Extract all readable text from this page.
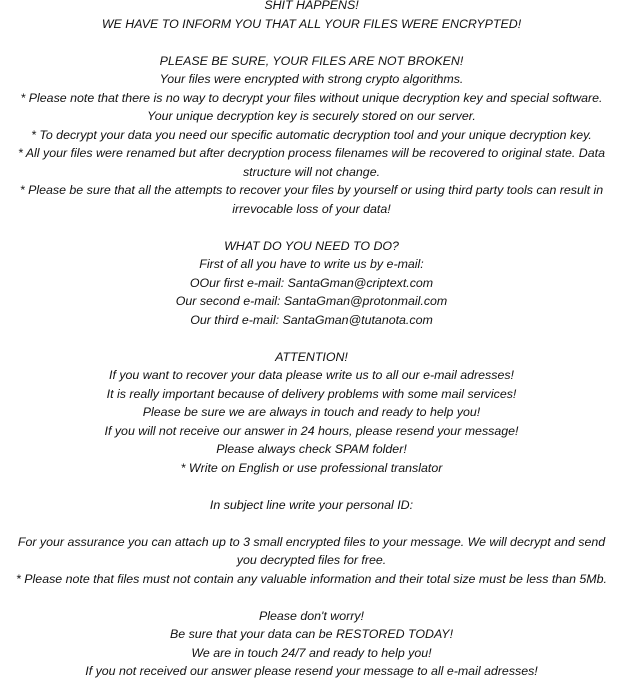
SHIT HAPPENS!
WE HAVE TO INFORM YOU THAT ALL YOUR FILES WERE ENCRYPTED!
PLEASE BE SURE, YOUR FILES ARE NOT BROKEN!
Your files were encrypted with strong crypto algorithms.
* Please note that there is no way to decrypt your files without unique decryption key and special software. Your unique decryption key is securely stored on our server.
* To decrypt your data you need our specific automatic decryption tool and your unique decryption key.
* All your files were renamed but after decryption process filenames will be recovered to original state. Data structure will not change.
* Please be sure that all the attempts to recover your files by yourself or using third party tools can result in irrevocable loss of your data!
WHAT DO YOU NEED TO DO?
First of all you have to write us by e-mail:
OOur first e-mail: SantaGman@criptext.com
Our second e-mail: SantaGman@protonmail.com
Our third e-mail: SantaGman@tutanota.com
ATTENTION!
If you want to recover your data please write us to all our e-mail adresses!
It is really important because of delivery problems with some mail services!
Please be sure we are always in touch and ready to help you!
If you will not receive our answer in 24 hours, please resend your message!
Please always check SPAM folder!
* Write on English or use professional translator
In subject line write your personal ID:
For your assurance you can attach up to 3 small encrypted files to your message. We will decrypt and send you decrypted files for free.
* Please note that files must not contain any valuable information and their total size must be less than 5Mb.
Please don't worry!
Be sure that your data can be RESTORED TODAY!
We are in touch 24/7 and ready to help you!
If you not received our answer please resend your message to all e-mail adresses!
